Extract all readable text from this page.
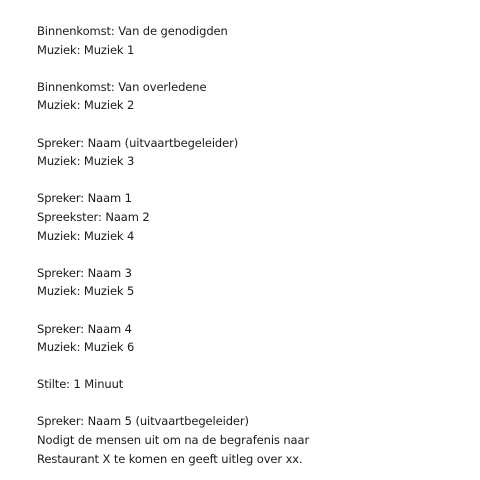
Binnenkomst: Van de genodigden
Muziek: Muziek 1
Binnenkomst: Van overledene
Muziek: Muziek 2
Spreker: Naam (uitvaartbegeleider)
Muziek: Muziek 3
Spreker: Naam 1
Spreekster: Naam 2
Muziek: Muziek 4
Spreker: Naam 3
Muziek: Muziek 5
Spreker: Naam 4
Muziek: Muziek 6
Stilte: 1 Minuut
Spreker: Naam 5 (uitvaartbegeleider)
Nodigt de mensen uit om na de begrafenis naar
Restaurant X te komen en geeft uitleg over xx.
